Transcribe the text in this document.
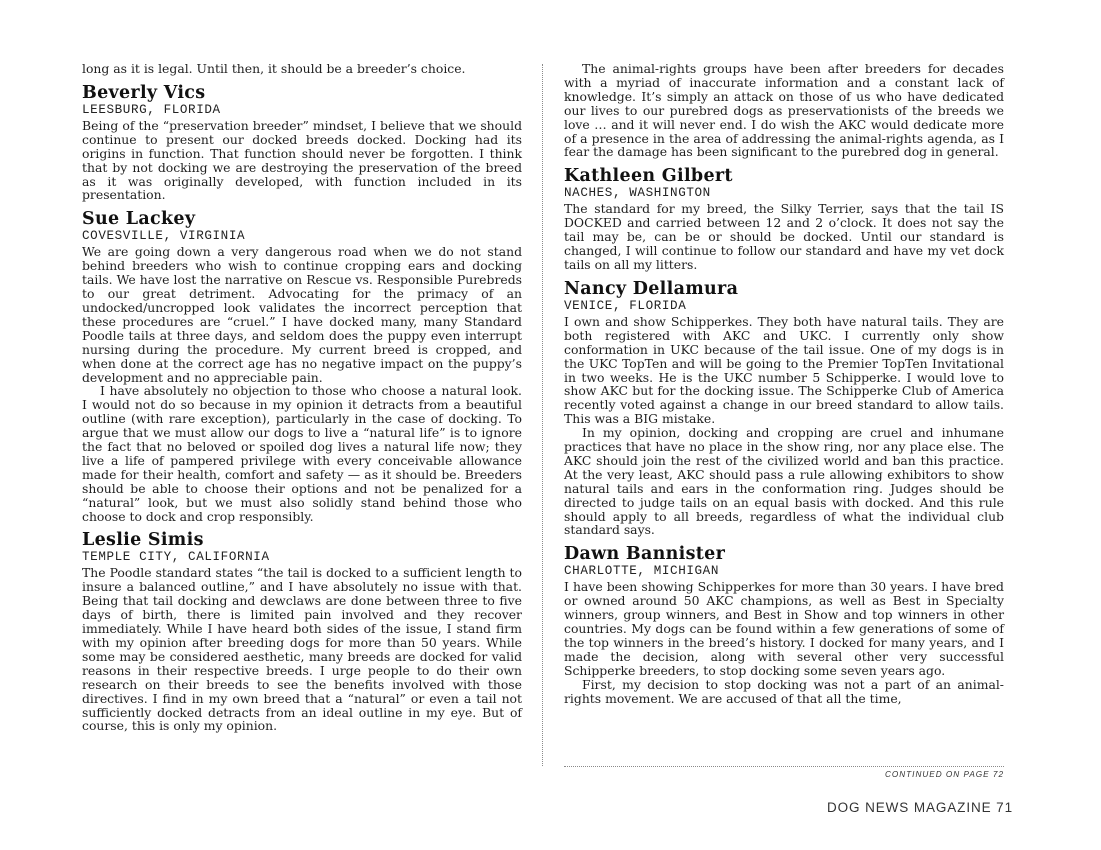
long as it is legal. Until then, it should be a breeder’s choice.

Beverly Vics
LEESBURG, FLORIDA

Being of the “preservation breeder” mindset, I believe that we should continue to present our docked breeds docked. Docking had its origins in function. That function should never be forgotten. I think that by not docking we are destroying the preservation of the breed as it was originally developed, with function included in its presentation.

Sue Lackey
COVESVILLE, VIRGINIA

We are going down a very dangerous road when we do not stand behind breeders who wish to continue cropping ears and docking tails. We have lost the narrative on Rescue vs. Responsible Purebreds to our great detriment. Advocating for the primacy of an undocked/uncropped look validates the incorrect perception that these procedures are “cruel.” I have docked many, many Standard Poodle tails at three days, and seldom does the puppy even interrupt nursing during the procedure. My current breed is cropped, and when done at the correct age has no negative impact on the puppy’s development and no appreciable pain.

I have absolutely no objection to those who choose a natural look. I would not do so because in my opinion it detracts from a beautiful outline (with rare exception), particularly in the case of docking. To argue that we must allow our dogs to live a “natural life” is to ignore the fact that no beloved or spoiled dog lives a natural life now; they live a life of pampered privilege with every conceivable allowance made for their health, comfort and safety — as it should be. Breeders should be able to choose their options and not be penalized for a “natural” look, but we must also solidly stand behind those who choose to dock and crop responsibly.

Leslie Simis
TEMPLE CITY, CALIFORNIA

The Poodle standard states “the tail is docked to a sufficient length to insure a balanced outline,” and I have absolutely no issue with that. Being that tail docking and dewclaws are done between three to five days of birth, there is limited pain involved and they recover immediately. While I have heard both sides of the issue, I stand firm with my opinion after breeding dogs for more than 50 years. While some may be considered aesthetic, many breeds are docked for valid reasons in their respective breeds. I urge people to do their own research on their breeds to see the benefits involved with those directives. I find in my own breed that a “natural” or even a tail not sufficiently docked detracts from an ideal outline in my eye. But of course, this is only my opinion.

The animal-rights groups have been after breeders for decades with a myriad of inaccurate information and a constant lack of knowledge. It’s simply an attack on those of us who have dedicated our lives to our purebred dogs as preservationists of the breeds we love … and it will never end. I do wish the AKC would dedicate more of a presence in the area of addressing the animal-rights agenda, as I fear the damage has been significant to the purebred dog in general.

Kathleen Gilbert
NACHES, WASHINGTON

The standard for my breed, the Silky Terrier, says that the tail IS DOCKED and carried between 12 and 2 o’clock. It does not say the tail may be, can be or should be docked. Until our standard is changed, I will continue to follow our standard and have my vet dock tails on all my litters.

Nancy Dellamura
VENICE, FLORIDA

I own and show Schipperkes. They both have natural tails. They are both registered with AKC and UKC. I currently only show conformation in UKC because of the tail issue. One of my dogs is in the UKC TopTen and will be going to the Premier TopTen Invitational in two weeks. He is the UKC number 5 Schipperke. I would love to show AKC but for the docking issue. The Schipperke Club of America recently voted against a change in our breed standard to allow tails. This was a BIG mistake.

In my opinion, docking and cropping are cruel and inhumane practices that have no place in the show ring, nor any place else. The AKC should join the rest of the civilized world and ban this practice. At the very least, AKC should pass a rule allowing exhibitors to show natural tails and ears in the conformation ring. Judges should be directed to judge tails on an equal basis with docked. And this rule should apply to all breeds, regardless of what the individual club standard says.

Dawn Bannister
CHARLOTTE, MICHIGAN

I have been showing Schipperkes for more than 30 years. I have bred or owned around 50 AKC champions, as well as Best in Specialty winners, group winners, and Best in Show and top winners in other countries. My dogs can be found within a few generations of some of the top winners in the breed’s history. I docked for many years, and I made the decision, along with several other very successful Schipperke breeders, to stop docking some seven years ago.

First, my decision to stop docking was not a part of an animal-rights movement. We are accused of that all the time,

CONTINUED ON PAGE 72
DOG NEWS MAGAZINE 71
